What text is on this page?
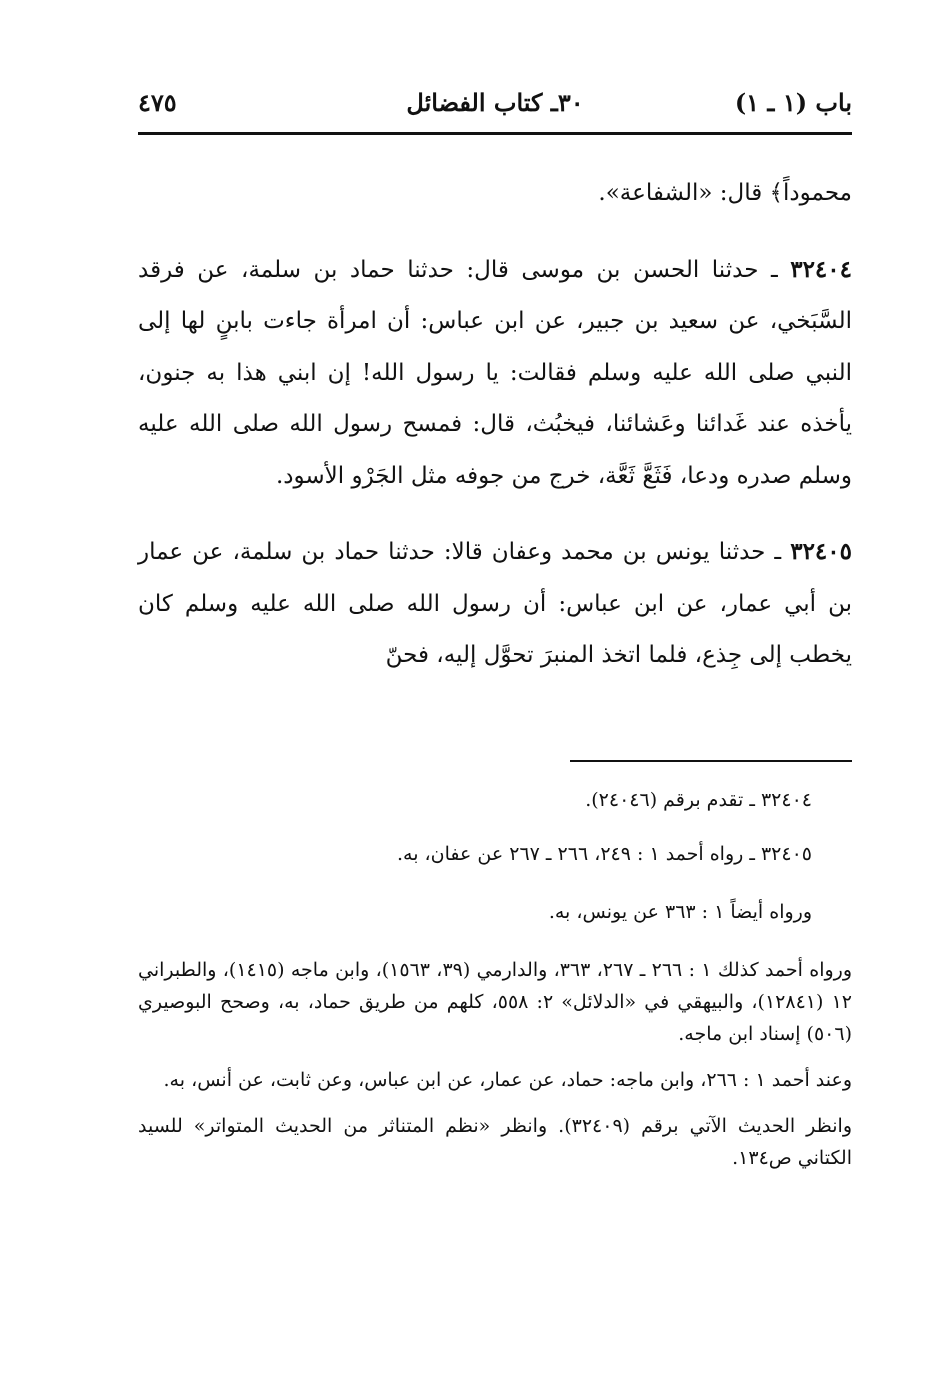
باب (١ ـ ١)
٣٠ـ كتاب الفضائل
٤٧٥

محموداً﴾ قال: «الشفاعة».

٣٢٤٠٤ ـ حدثنا الحسن بن موسى قال: حدثنا حماد بن سلمة، عن فرقد السَّبَخي، عن سعيد بن جبير، عن ابن عباس: أن امرأة جاءت بابنٍ لها إلى النبي صلى الله عليه وسلم فقالت: يا رسول الله! إن ابني هذا به جنون، يأخذه عند غَدائنا وعَشائنا، فيخبُث، قال: فمسح رسول الله صلى الله عليه وسلم صدره ودعا، فَثَعَّ ثَعَّة، خرج من جوفه مثل الجَرْو الأسود.

٣٢٤٠٥ ـ حدثنا يونس بن محمد وعفان قالا: حدثنا حماد بن سلمة، عن عمار بن أبي عمار، عن ابن عباس: أن رسول الله صلى الله عليه وسلم كان يخطب إلى جِذع، فلما اتخذ المنبرَ تحوَّل إليه، فحنّ

٣٢٤٠٤ ـ تقدم برقم (٢٤٠٤٦).

٣٢٤٠٥ ـ رواه أحمد ١ : ٢٤٩، ٢٦٦ ـ ٢٦٧ عن عفان، به.

ورواه أيضاً ١ : ٣٦٣ عن يونس، به.

ورواه أحمد كذلك ١ : ٢٦٦ ـ ٢٦٧، ٣٦٣، والدارمي (٣٩، ١٥٦٣)، وابن ماجه (١٤١٥)، والطبراني ١٢ (١٢٨٤١)، والبيهقي في «الدلائل» ٢: ٥٥٨، كلهم من طريق حماد، به، وصحح البوصيري (٥٠٦) إسناد ابن ماجه.

وعند أحمد ١ : ٢٦٦، وابن ماجه: حماد، عن عمار، عن ابن عباس، وعن ثابت، عن أنس، به.

وانظر الحديث الآتي برقم (٣٢٤٠٩). وانظر «نظم المتناثر من الحديث المتواتر» للسيد الكتاني ص١٣٤.
